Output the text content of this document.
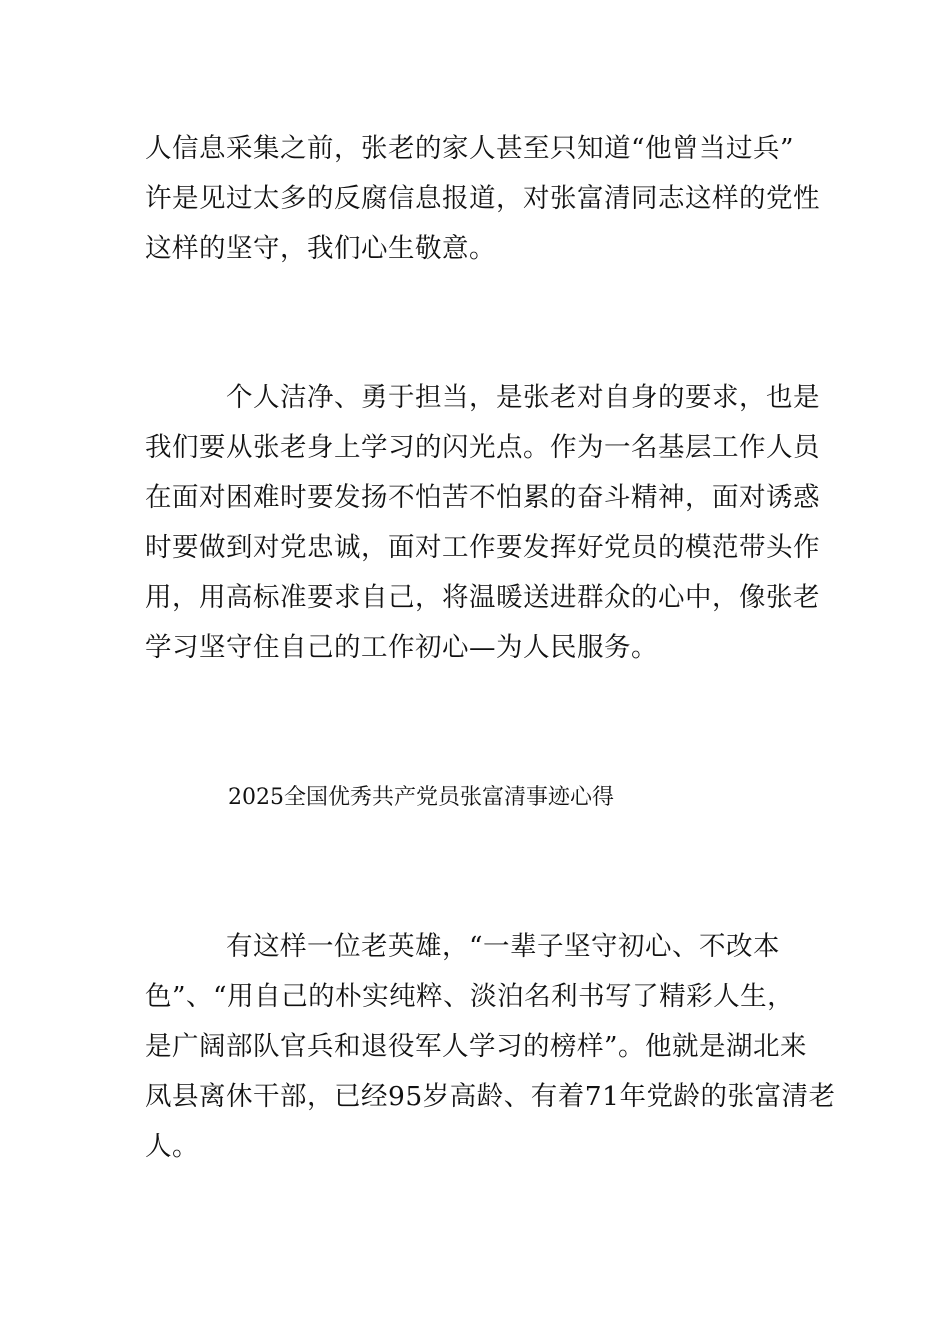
人信息采集之前，张老的家人甚至只知道“他曾当过兵”
许是见过太多的反腐信息报道，对张富清同志这样的党性
这样的坚守，我们心生敬意。
　　　个人洁净、勇于担当，是张老对自身的要求，也是
我们要从张老身上学习的闪光点。作为一名基层工作人员
在面对困难时要发扬不怕苦不怕累的奋斗精神，面对诱惑
时要做到对党忠诚，面对工作要发挥好党员的模范带头作
用，用高标准要求自己，将温暖送进群众的心中，像张老
学习坚守住自己的工作初心—为人民服务。
2025全国优秀共产党员张富清事迹心得
　　　有这样一位老英雄，“一辈子坚守初心、不改本
色”、“用自己的朴实纯粹、淡泊名利书写了精彩人生，
是广阔部队官兵和退役军人学习的榜样”。他就是湖北来
凤县离休干部，已经95岁高龄、有着71年党龄的张富清老
人。
